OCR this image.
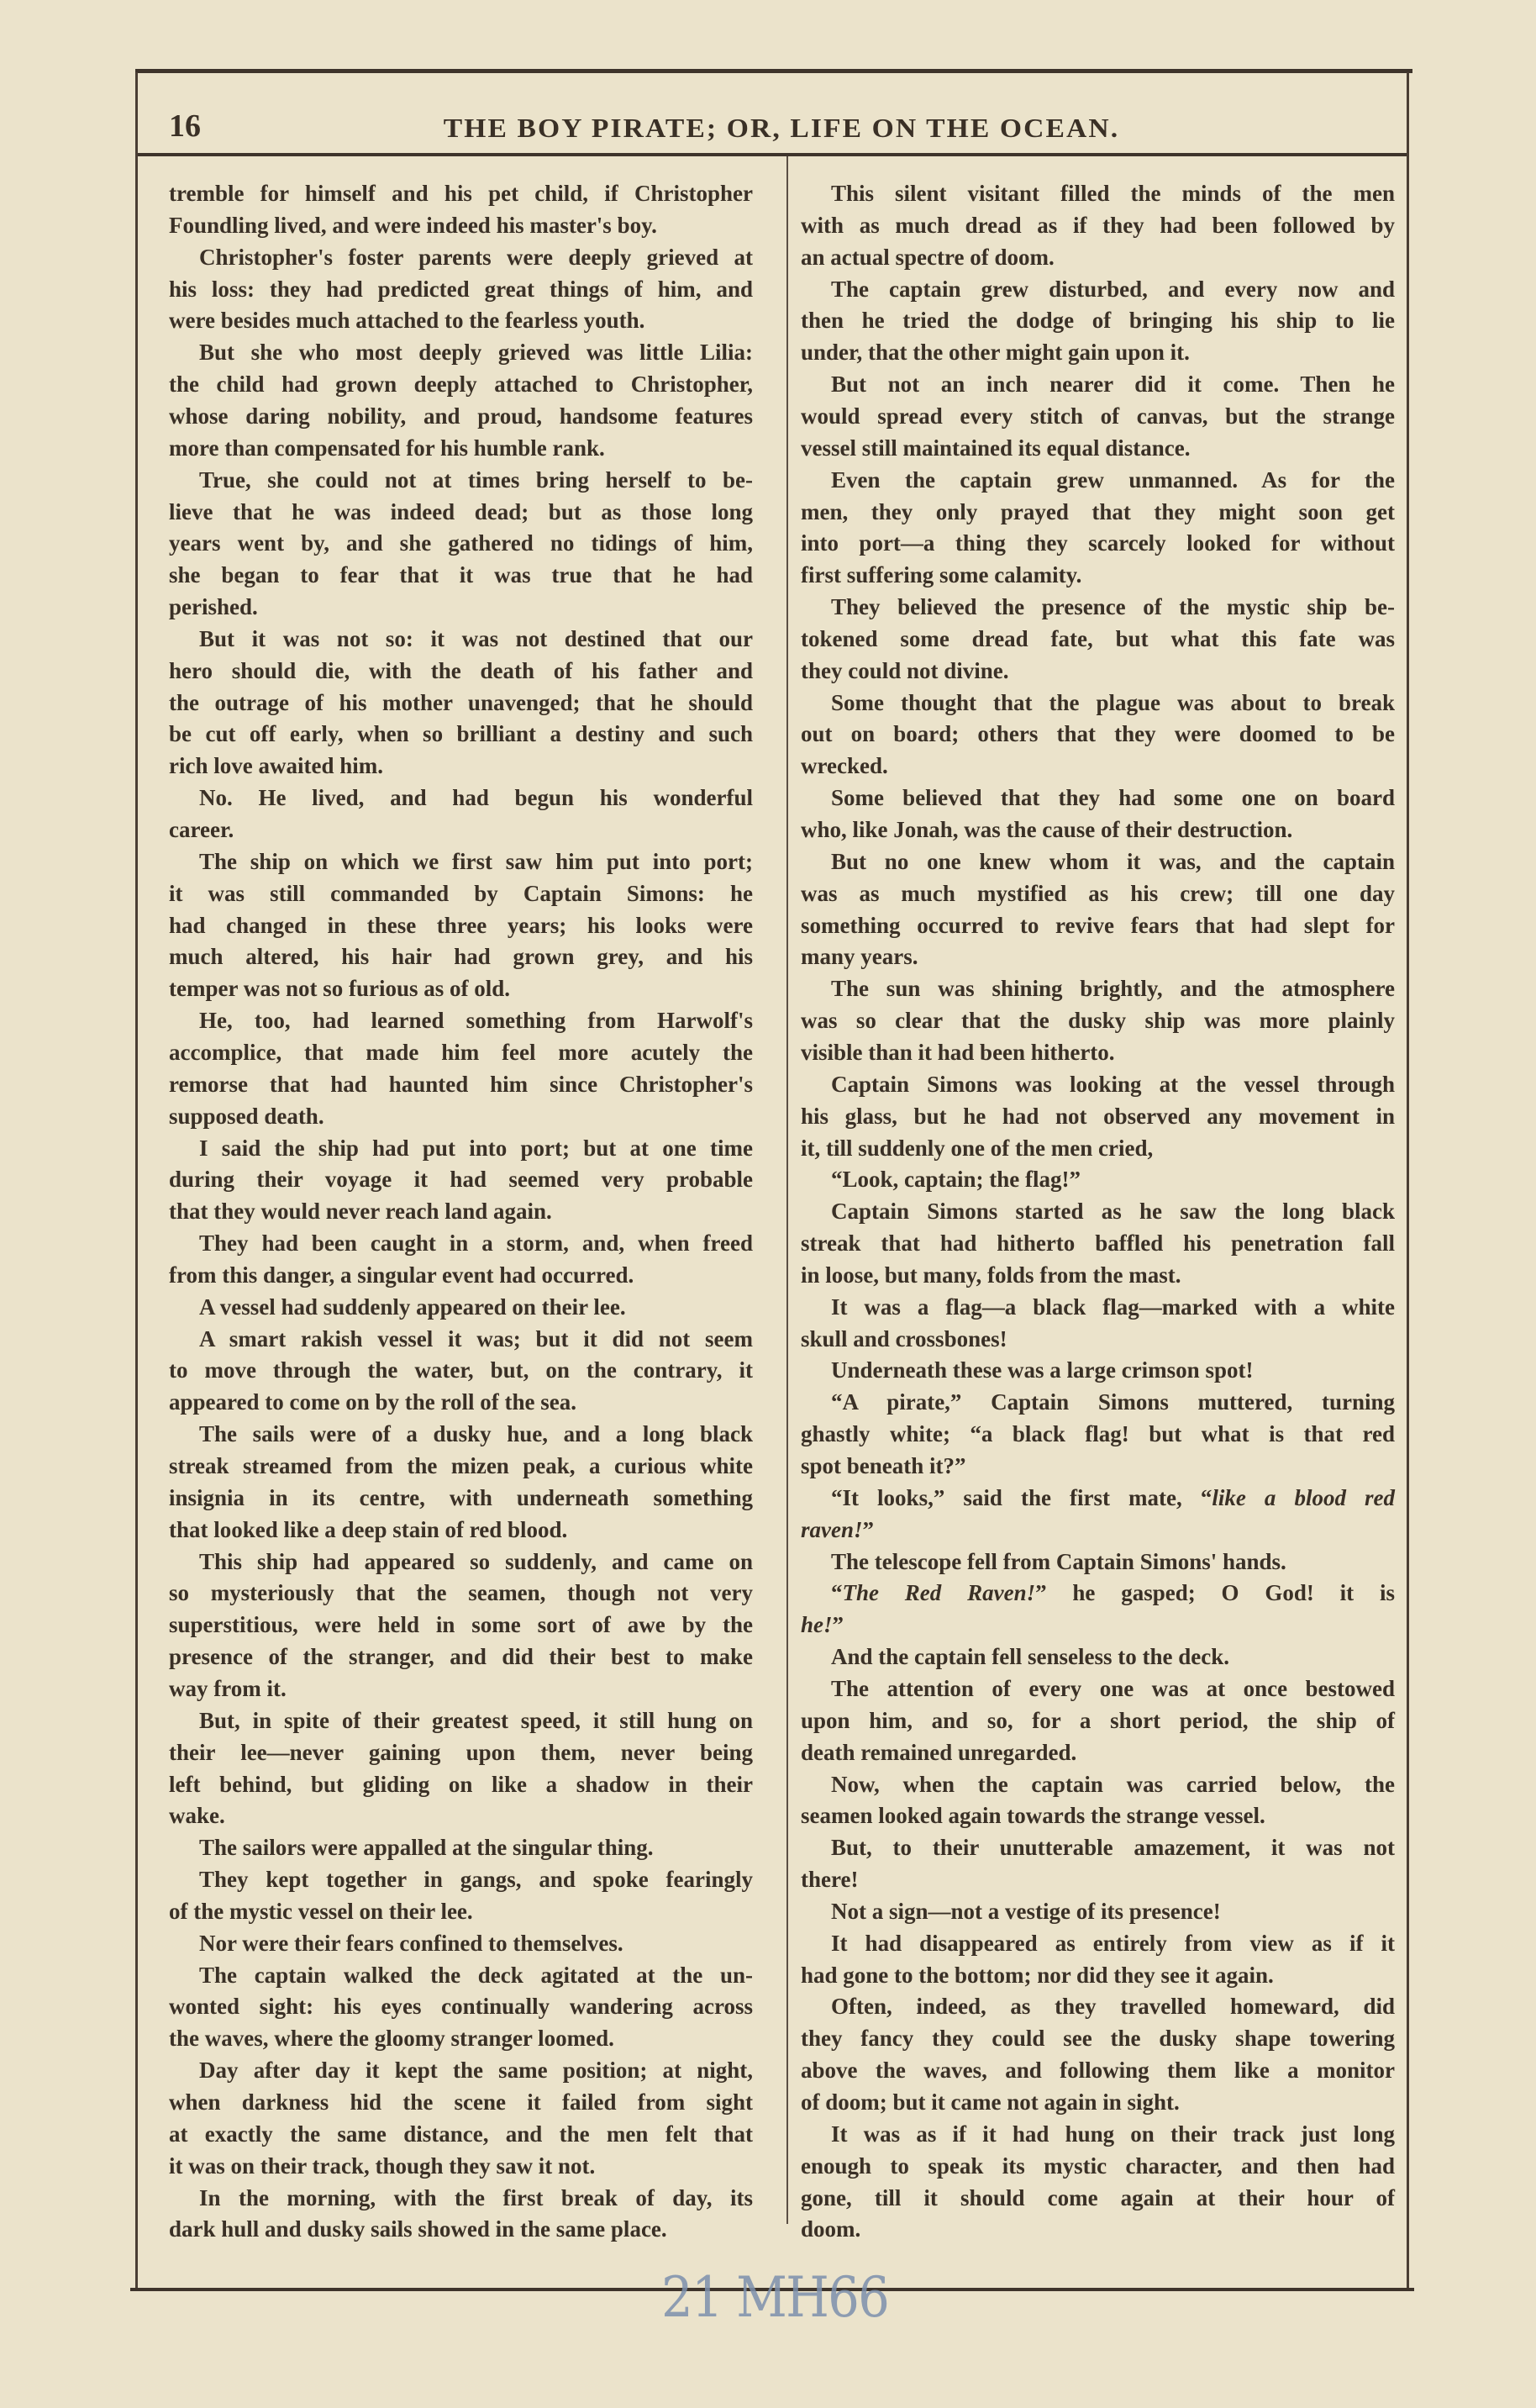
16	THE BOY PIRATE; OR, LIFE ON THE OCEAN.
tremble for himself and his pet child, if Christopher
Foundling lived, and were indeed his master's boy.
Christopher's foster parents were deeply grieved at
his loss: they had predicted great things of him, and
were besides much attached to the fearless youth.
But she who most deeply grieved was little Lilia:
the child had grown deeply attached to Christopher,
whose daring nobility, and proud, handsome features
more than compensated for his humble rank.
True, she could not at times bring herself to be-
lieve that he was indeed dead; but as those long
years went by, and she gathered no tidings of him,
she began to fear that it was true that he had
perished.
But it was not so: it was not destined that our
hero should die, with the death of his father and
the outrage of his mother unavenged; that he should
be cut off early, when so brilliant a destiny and such
rich love awaited him.
No. He lived, and had begun his wonderful
career.
The ship on which we first saw him put into port;
it was still commanded by Captain Simons: he
had changed in these three years; his looks were
much altered, his hair had grown grey, and his
temper was not so furious as of old.
He, too, had learned something from Harwolf's
accomplice, that made him feel more acutely the
remorse that had haunted him since Christopher's
supposed death.
I said the ship had put into port; but at one time
during their voyage it had seemed very probable
that they would never reach land again.
They had been caught in a storm, and, when freed
from this danger, a singular event had occurred.
A vessel had suddenly appeared on their lee.
A smart rakish vessel it was; but it did not seem
to move through the water, but, on the contrary, it
appeared to come on by the roll of the sea.
The sails were of a dusky hue, and a long black
streak streamed from the mizen peak, a curious white
insignia in its centre, with underneath something
that looked like a deep stain of red blood.
This ship had appeared so suddenly, and came on
so mysteriously that the seamen, though not very
superstitious, were held in some sort of awe by the
presence of the stranger, and did their best to make
way from it.
But, in spite of their greatest speed, it still hung on
their lee—never gaining upon them, never being
left behind, but gliding on like a shadow in their
wake.
The sailors were appalled at the singular thing.
They kept together in gangs, and spoke fearingly
of the mystic vessel on their lee.
Nor were their fears confined to themselves.
The captain walked the deck agitated at the un-
wonted sight: his eyes continually wandering across
the waves, where the gloomy stranger loomed.
Day after day it kept the same position; at night,
when darkness hid the scene it failed from sight
at exactly the same distance, and the men felt that
it was on their track, though they saw it not.
In the morning, with the first break of day, its
dark hull and dusky sails showed in the same place.
This silent visitant filled the minds of the men
with as much dread as if they had been followed by
an actual spectre of doom.
The captain grew disturbed, and every now and
then he tried the dodge of bringing his ship to lie
under, that the other might gain upon it.
But not an inch nearer did it come. Then he
would spread every stitch of canvas, but the strange
vessel still maintained its equal distance.
Even the captain grew unmanned. As for the
men, they only prayed that they might soon get
into port—a thing they scarcely looked for without
first suffering some calamity.
They believed the presence of the mystic ship be-
tokened some dread fate, but what this fate was
they could not divine.
Some thought that the plague was about to break
out on board; others that they were doomed to be
wrecked.
Some believed that they had some one on board
who, like Jonah, was the cause of their destruction.
But no one knew whom it was, and the captain
was as much mystified as his crew; till one day
something occurred to revive fears that had slept for
many years.
The sun was shining brightly, and the atmosphere
was so clear that the dusky ship was more plainly
visible than it had been hitherto.
Captain Simons was looking at the vessel through
his glass, but he had not observed any movement in
it, till suddenly one of the men cried,
“Look, captain; the flag!”
Captain Simons started as he saw the long black
streak that had hitherto baffled his penetration fall
in loose, but many, folds from the mast.
It was a flag—a black flag—marked with a white
skull and crossbones!
Underneath these was a large crimson spot!
“A pirate,” Captain Simons muttered, turning
ghastly white; “a black flag! but what is that red
spot beneath it?”
“It looks,” said the first mate, “like a blood red
raven!”
The telescope fell from Captain Simons' hands.
“The Red Raven!” he gasped; O God! it is
he!”
And the captain fell senseless to the deck.
The attention of every one was at once bestowed
upon him, and so, for a short period, the ship of
death remained unregarded.
Now, when the captain was carried below, the
seamen looked again towards the strange vessel.
But, to their unutterable amazement, it was not
there!
Not a sign—not a vestige of its presence!
It had disappeared as entirely from view as if it
had gone to the bottom; nor did they see it again.
Often, indeed, as they travelled homeward, did
they fancy they could see the dusky shape towering
above the waves, and following them like a monitor
of doom; but it came not again in sight.
It was as if it had hung on their track just long
enough to speak its mystic character, and then had
gone, till it should come again at their hour of
doom.
21 MH66
